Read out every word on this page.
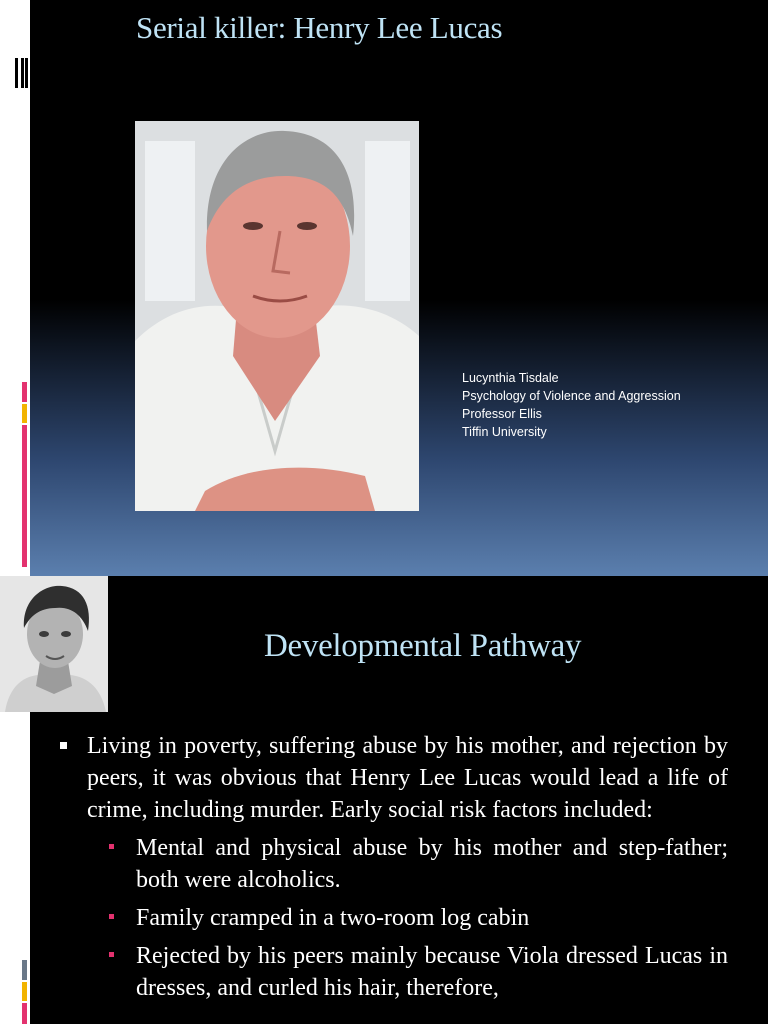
Serial killer: Henry Lee Lucas
Lucynthia Tisdale
Psychology of Violence and Aggression
Professor Ellis
Tiffin University
Developmental Pathway
Living in poverty, suffering abuse by his mother, and rejection by peers, it was obvious that Henry Lee Lucas would lead a life of crime, including murder. Early social risk factors included:
Mental and physical abuse by his mother and step-father; both were alcoholics.
Family cramped in a two-room log cabin
Rejected by his peers mainly because Viola dressed Lucas in dresses, and curled his hair, therefore,
